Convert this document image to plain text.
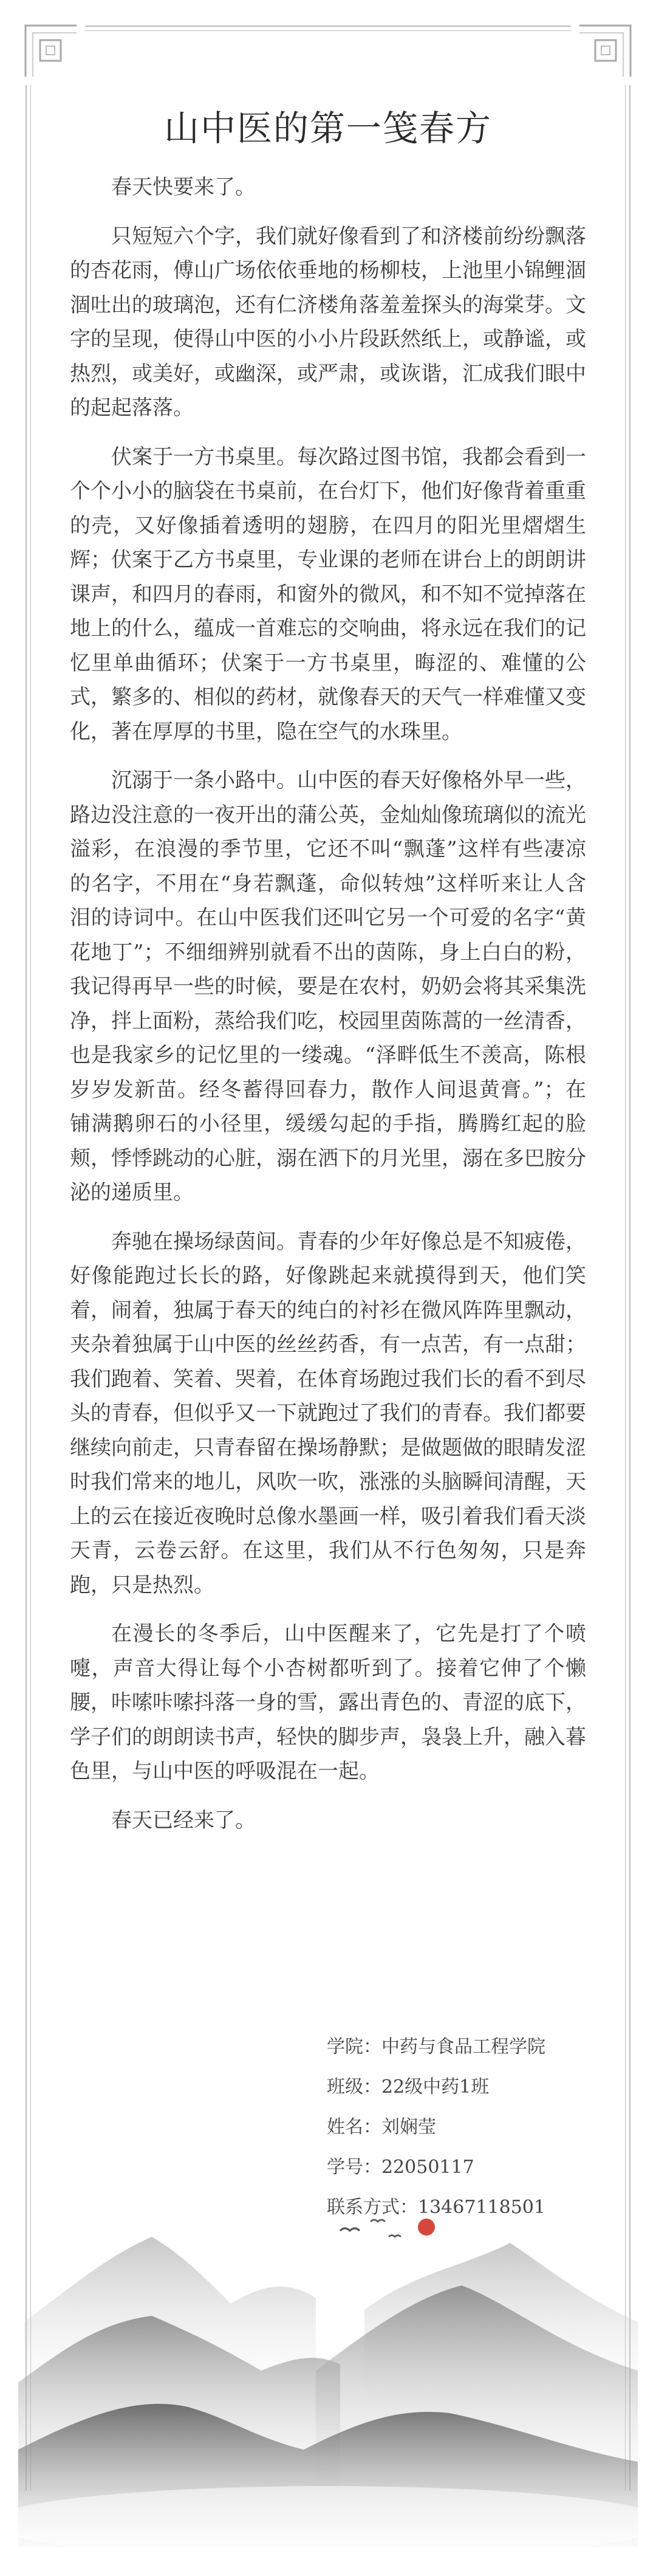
山中医的第一笺春方

春天快要来了。

只短短六个字，我们就好像看到了和济楼前纷纷飘落的杏花雨，傅山广场依依垂地的杨柳枝，上池里小锦鲤涸涸吐出的玻璃泡，还有仁济楼角落羞羞探头的海棠芽。文字的呈现，使得山中医的小小片段跃然纸上，或静谧，或热烈，或美好，或幽深，或严肃，或诙谐，汇成我们眼中的起起落落。

伏案于一方书桌里。每次路过图书馆，我都会看到一个个小小的脑袋在书桌前，在台灯下，他们好像背着重重的壳，又好像插着透明的翅膀，在四月的阳光里熠熠生辉；伏案于乙方书桌里，专业课的老师在讲台上的朗朗讲课声，和四月的春雨，和窗外的微风，和不知不觉掉落在地上的什么，蕴成一首难忘的交响曲，将永远在我们的记忆里单曲循环；伏案于一方书桌里，晦涩的、难懂的公式，繁多的、相似的药材，就像春天的天气一样难懂又变化，著在厚厚的书里，隐在空气的水珠里。

沉溺于一条小路中。山中医的春天好像格外早一些，路边没注意的一夜开出的蒲公英，金灿灿像琉璃似的流光溢彩，在浪漫的季节里，它还不叫“飘蓬”这样有些凄凉的名字，不用在“身若飘蓬，命似转烛”这样听来让人含泪的诗词中。在山中医我们还叫它另一个可爱的名字“黄花地丁”；不细细辨别就看不出的茵陈，身上白白的粉，我记得再早一些的时候，要是在农村，奶奶会将其采集洗净，拌上面粉，蒸给我们吃，校园里茵陈蒿的一丝清香，也是我家乡的记忆里的一缕魂。“泽畔低生不羡高，陈根岁岁发新苗。经冬蓄得回春力，散作人间退黄膏。”；在铺满鹅卵石的小径里，缓缓勾起的手指，腾腾红起的脸颊，悸悸跳动的心脏，溺在洒下的月光里，溺在多巴胺分泌的递质里。

奔驰在操场绿茵间。青春的少年好像总是不知疲倦，好像能跑过长长的路，好像跳起来就摸得到天，他们笑着，闹着，独属于春天的纯白的衬衫在微风阵阵里飘动，夹杂着独属于山中医的丝丝药香，有一点苦，有一点甜；我们跑着、笑着、哭着，在体育场跑过我们长的看不到尽头的青春，但似乎又一下就跑过了我们的青春。我们都要继续向前走，只青春留在操场静默；是做题做的眼睛发涩时我们常来的地儿，风吹一吹，涨涨的头脑瞬间清醒，天上的云在接近夜晚时总像水墨画一样，吸引着我们看天淡天青，云卷云舒。在这里，我们从不行色匆匆，只是奔跑，只是热烈。

在漫长的冬季后，山中医醒来了，它先是打了个喷嚏，声音大得让每个小杏树都听到了。接着它伸了个懒腰，咔嗦咔嗦抖落一身的雪，露出青色的、青涩的底下，学子们的朗朗读书声，轻快的脚步声，袅袅上升，融入暮色里，与山中医的呼吸混在一起。

春天已经来了。

学院：中药与食品工程学院
班级：22级中药1班
姓名：刘娴莹
学号：22050117
联系方式：13467118501
